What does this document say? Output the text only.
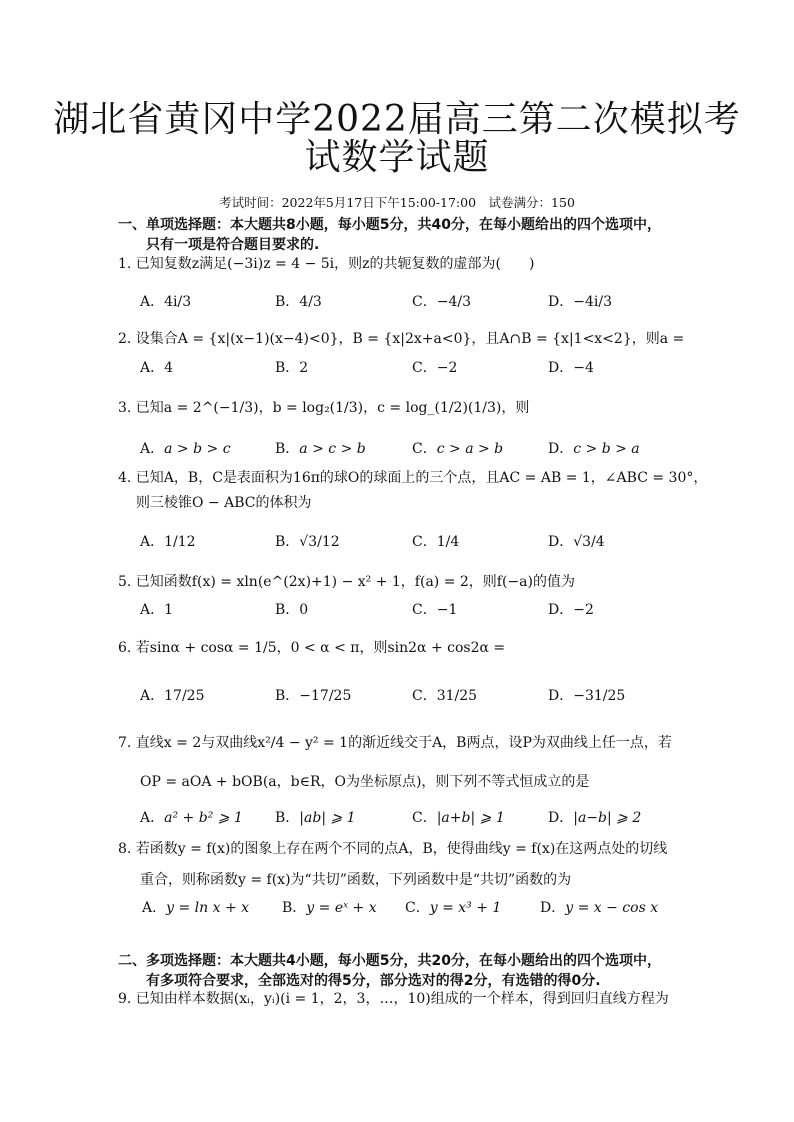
湖北省黄冈中学2022届高三第二次模拟考
试数学试题
考试时间：2022年5月17日下午15:00-17:00　试卷满分：150
一、单项选择题：本大题共8小题，每小题5分，共40分，在每小题给出的四个选项中，
只有一项是符合题目要求的.
1. 已知复数z满足(−3i)z = 4 − 5i，则z的共轭复数的虚部为(　　)
A．4i/3	B．4/3	C．−4/3	D．−4i/3
2. 设集合A = {x|(x−1)(x−4)<0}，B = {x|2x+a<0}，且A∩B = {x|1<x<2}，则a =
A．4	B．2	C．−2	D．−4
3. 已知a = 2^(−1/3)，b = log₂(1/3)，c = log_(1/2)(1/3)，则
A．a > b > c	B．a > c > b	C．c > a > b	D．c > b > a
4. 已知A，B，C是表面积为16π的球O的球面上的三个点，且AC = AB = 1，∠ABC = 30°，
则三棱锥O − ABC的体积为
A．1/12	B．√3/12	C．1/4	D．√3/4
5. 已知函数f(x) = xln(e^(2x)+1) − x² + 1，f(a) = 2，则f(−a)的值为
A．1	B．0	C．−1	D．−2
6. 若sinα + cosα = 1/5，0 < α < π，则sin2α + cos2α =
A．17/25	B．−17/25	C．31/25	D．−31/25
7. 直线x = 2与双曲线x²/4 − y² = 1的渐近线交于A，B两点，设P为双曲线上任一点，若
OP = aOA + bOB(a，b∈R，O为坐标原点)，则下列不等式恒成立的是
A．a² + b² ⩾ 1 B．|ab| ⩾ 1	C．|a+b| ⩾ 1	D．|a−b| ⩾ 2
8. 若函数y = f(x)的图象上存在两个不同的点A，B，使得曲线y = f(x)在这两点处的切线
重合，则称函数y = f(x)为“共切”函数，下列函数中是“共切”函数的为
A．y = ln x + x B．y = eˣ + x C．y = x³ + 1	D．y = x − cos x
二、多项选择题：本大题共4小题，每小题5分，共20分，在每小题给出的四个选项中，
有多项符合要求，全部选对的得5分，部分选对的得2分，有选错的得0分.
9. 已知由样本数据(xᵢ，yᵢ)(i = 1，2，3，…，10)组成的一个样本，得到回归直线方程为
